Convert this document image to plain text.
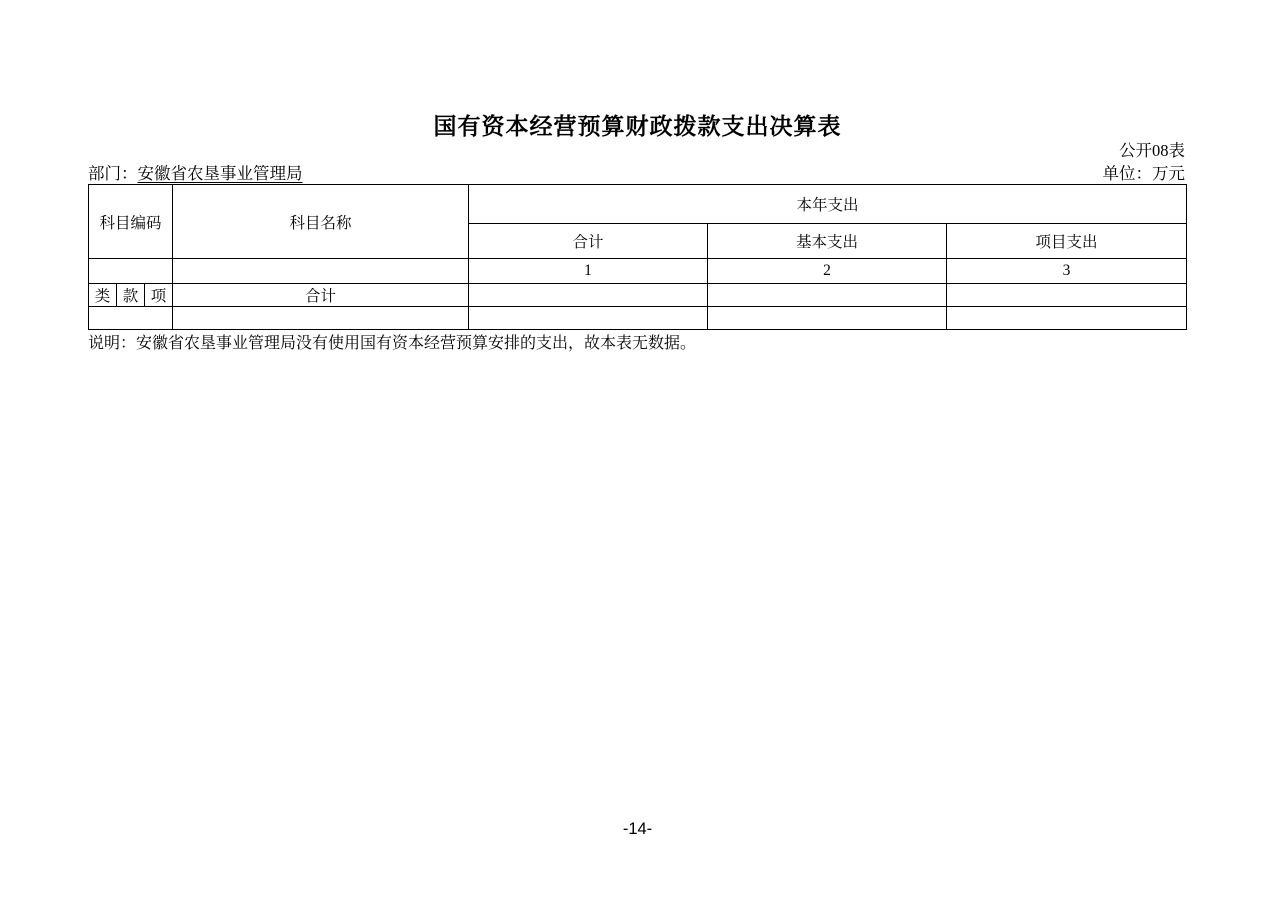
国有资本经营预算财政拨款支出决算表
公开08表
部门：安徽省农垦事业管理局	单位：万元
科目编码			科目名称	本年支出		
				合计	基本支出	项目支出
				1	2	3
类	款	项	合计			

说明：安徽省农垦事业管理局没有使用国有资本经营预算安排的支出，故本表无数据。
-14-
